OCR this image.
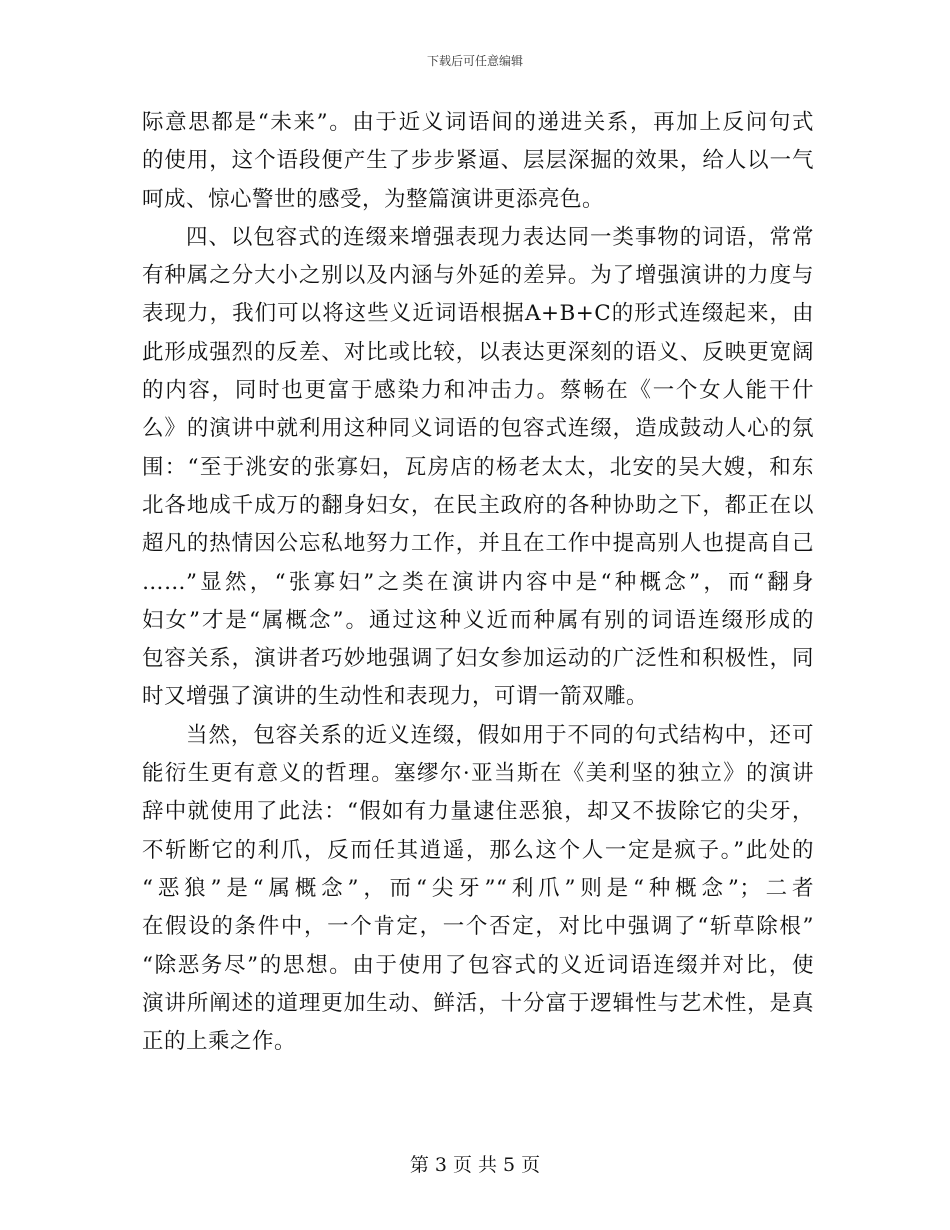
下载后可任意编辑
际意思都是“未来”。由于近义词语间的递进关系，再加上反问句式
的使用，这个语段便产生了步步紧逼、层层深掘的效果，给人以一气
呵成、惊心警世的感受，为整篇演讲更添亮色。
四、以包容式的连缀来增强表现力表达同一类事物的词语，常常
有种属之分大小之别以及内涵与外延的差异。为了增强演讲的力度与
表现力，我们可以将这些义近词语根据A+B+C的形式连缀起来，由
此形成强烈的反差、对比或比较，以表达更深刻的语义、反映更宽阔
的内容，同时也更富于感染力和冲击力。蔡畅在《一个女人能干什
么》的演讲中就利用这种同义词语的包容式连缀，造成鼓动人心的氛
围：“至于洮安的张寡妇，瓦房店的杨老太太，北安的吴大嫂，和东
北各地成千成万的翻身妇女，在民主政府的各种协助之下，都正在以
超凡的热情因公忘私地努力工作，并且在工作中提高别人也提高自己
……”显然，“张寡妇”之类在演讲内容中是“种概念”，而“翻身
妇女”才是“属概念”。通过这种义近而种属有别的词语连缀形成的
包容关系，演讲者巧妙地强调了妇女参加运动的广泛性和积极性，同
时又增强了演讲的生动性和表现力，可谓一箭双雕。
当然，包容关系的近义连缀，假如用于不同的句式结构中，还可
能衍生更有意义的哲理。塞缪尔·亚当斯在《美利坚的独立》的演讲
辞中就使用了此法：“假如有力量逮住恶狼，却又不拔除它的尖牙，
不斩断它的利爪，反而任其逍遥，那么这个人一定是疯子。”此处的
“恶狼”是“属概念”，而“尖牙”“利爪”则是“种概念”；二者
在假设的条件中，一个肯定，一个否定，对比中强调了“斩草除根”
“除恶务尽”的思想。由于使用了包容式的义近词语连缀并对比，使
演讲所阐述的道理更加生动、鲜活，十分富于逻辑性与艺术性，是真
正的上乘之作。
第 3 页 共 5 页
